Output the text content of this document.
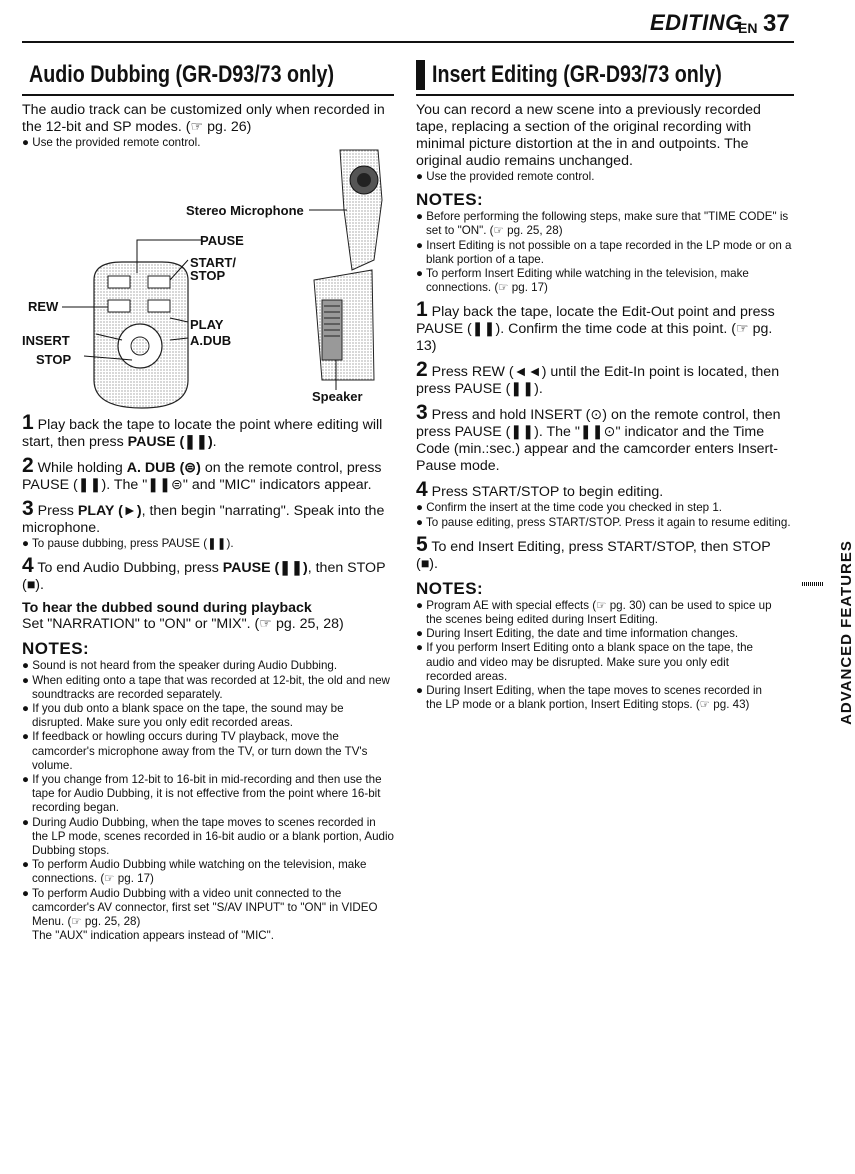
EDITING
EN 37
Audio Dubbing (GR-D93/73 only)

The audio track can be customized only when recorded in the 12-bit and SP modes. (☞ pg. 26)

● Use the provided remote control.

Stereo Microphone
PAUSE
START/
STOP
REW
PLAY
INSERT	A.DUB
STOP
Speaker

1 Play back the tape to locate the point where editing will start, then press PAUSE (❚❚).

2 While holding A. DUB (⊜) on the remote control, press PAUSE (❚❚). The "❚❚⊜" and "MIC" indicators appear.

3 Press PLAY (►), then begin "narrating". Speak into the microphone.

● To pause dubbing, press PAUSE (❚❚).

4 To end Audio Dubbing, press PAUSE (❚❚), then STOP (■).

To hear the dubbed sound during playback

Set "NARRATION" to "ON" or "MIX". (☞ pg. 25, 28)

NOTES:

● Sound is not heard from the speaker during Audio Dubbing.

● When editing onto a tape that was recorded at 12-bit, the old and new soundtracks are recorded separately.

● If you dub onto a blank space on the tape, the sound may be disrupted. Make sure you only edit recorded areas.

● If feedback or howling occurs during TV playback, move the camcorder's microphone away from the TV, or turn down the TV's volume.

● If you change from 12-bit to 16-bit in mid-recording and then use the tape for Audio Dubbing, it is not effective from the point where 16-bit recording began.

● During Audio Dubbing, when the tape moves to scenes recorded in the LP mode, scenes recorded in 16-bit audio or a blank portion, Audio Dubbing stops.

● To perform Audio Dubbing while watching on the television, make connections. (☞ pg. 17)

● To perform Audio Dubbing with a video unit connected to the camcorder's AV connector, first set "S/AV INPUT" to "ON" in VIDEO Menu. (☞ pg. 25, 28)
The "AUX" indication appears instead of "MIC".

Insert Editing (GR-D93/73 only)

You can record a new scene into a previously recorded tape, replacing a section of the original recording with minimal picture distortion at the in and outpoints. The original audio remains unchanged.

● Use the provided remote control.

NOTES:

● Before performing the following steps, make sure that "TIME CODE" is set to "ON". (☞ pg. 25, 28)

● Insert Editing is not possible on a tape recorded in the LP mode or on a blank portion of a tape.

● To perform Insert Editing while watching in the television, make connections. (☞ pg. 17)

1 Play back the tape, locate the Edit-Out point and press PAUSE (❚❚). Confirm the time code at this point. (☞ pg. 13)

2 Press REW (◄◄) until the Edit-In point is located, then press PAUSE (❚❚).

3 Press and hold INSERT (⊙) on the remote control, then press PAUSE (❚❚). The "❚❚⊙" indicator and the Time Code (min.:sec.) appear and the camcorder enters Insert-Pause mode.

4 Press START/STOP to begin editing.

● Confirm the insert at the time code you checked in step 1.

● To pause editing, press START/STOP. Press it again to resume editing.

5 To end Insert Editing, press START/STOP, then STOP (■).

NOTES:

● Program AE with special effects (☞ pg. 30) can be used to spice up the scenes being edited during Insert Editing.

● During Insert Editing, the date and time information changes.

● If you perform Insert Editing onto a blank space on the tape, the audio and video may be disrupted. Make sure you only edit recorded areas.

● During Insert Editing, when the tape moves to scenes recorded in the LP mode or a blank portion, Insert Editing stops. (☞ pg. 43)	ADVANCED FEATURES
